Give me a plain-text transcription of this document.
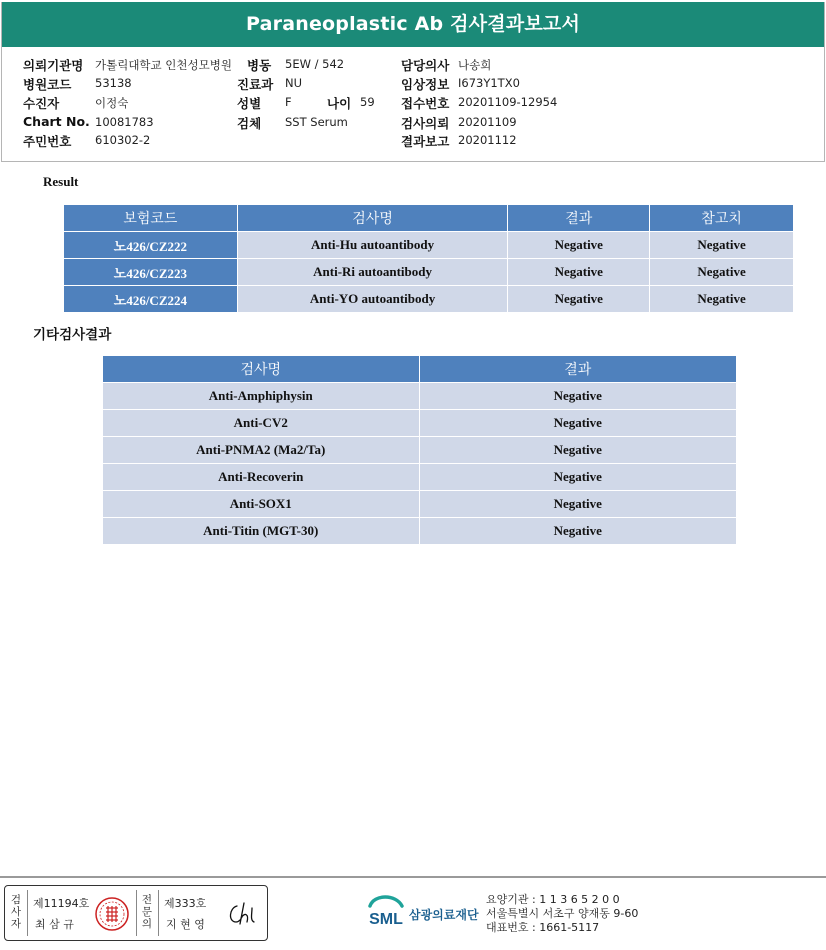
Paraneoplastic Ab 검사결과보고서
의뢰기관명 가톨릭대학교 인천성모병원
병원코드 53138
수진자	이정숙
Chart No. 10081783
주민번호 610302-2
병동 5EW / 542
진료과 NU
성별 F	나이 59
검체 SST Serum
담당의사 나송희
임상정보 I673Y1TX0
접수번호 20201109-12954
검사의뢰 20201109
결과보고 20201112
Result
보험코드	검사명	결과	참고치
노426/CZ222	Anti-Hu autoantibody	Negative	Negative
노426/CZ223	Anti-Ri autoantibody	Negative	Negative
노426/CZ224	Anti-YO autoantibody	Negative	Negative
기타검사결과
검사명	결과
Anti-Amphiphysin	Negative
Anti-CV2	Negative
Anti-PNMA2 (Ma2/Ta)	Negative
Anti-Recoverin	Negative
Anti-SOX1	Negative
Anti-Titin (MGT-30)	Negative
검사자
제11194호
최 삼 규
전문의
제333호
지 현 영	SML 삼광의료재단
요양기관 : 1 1 3 6 5 2 0 0
서울특별시 서초구 양재동 9-60
대표번호 : 1661-5117
